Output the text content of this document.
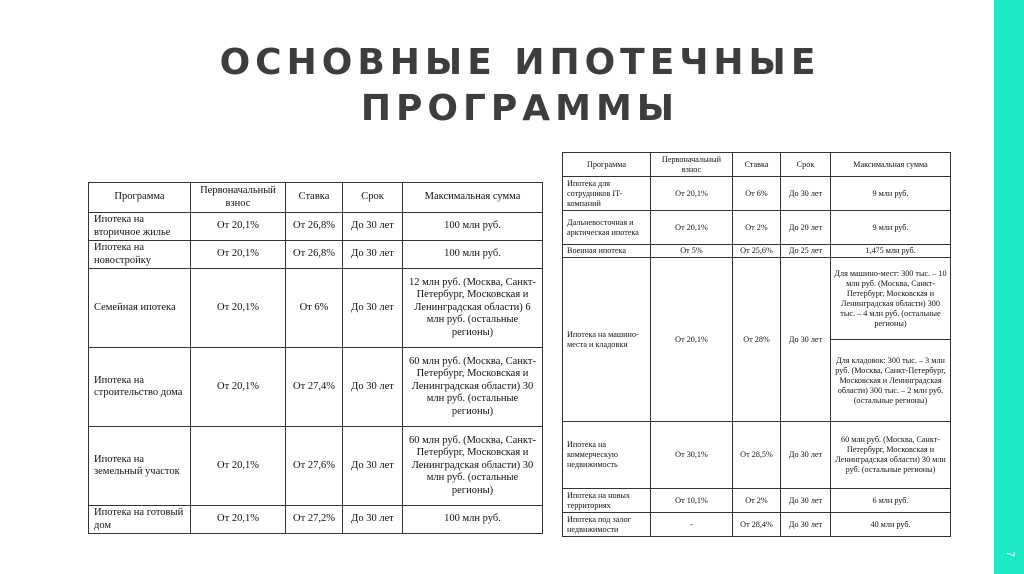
7
ОСНОВНЫЕ ИПОТЕЧНЫЕ
ПРОГРАММЫ
Программа	Первоначальный взнос	Ставка	Срок	Максимальная сумма
Ипотека на вторичное жилье	От 20,1%	От 26,8%	До 30 лет	100 млн руб.
Ипотека на новостройку	От 20,1%	От 26,8%	До 30 лет	100 млн руб.
Семейная ипотека	От 20,1%	От 6%	До 30 лет	12 млн руб. (Москва, Санкт-Петербург, Московская и Ленинградская области) 6 млн руб. (остальные регионы)
Ипотека на строительство дома	От 20,1%	От 27,4%	До 30 лет	60 млн руб. (Москва, Санкт-Петербург, Московская и Ленинградская области) 30 млн руб. (остальные регионы)
Ипотека на земельный участок	От 20,1%	От 27,6%	До 30 лет	60 млн руб. (Москва, Санкт-Петербург, Московская и Ленинградская области) 30 млн руб. (остальные регионы)
Ипотека на готовый дом	От 20,1%	От 27,2%	До 30 лет	100 млн руб.
Программа	Первоначальный взнос	Ставка	Срок	Максимальная сумма
Ипотека для сотрудников IT-компаний	От 20,1%	От 6%	До 30 лет	9 млн руб.
Дальневосточная и арктическая ипотека	От 20,1%	От 2%	До 20 лет	9 млн руб.
Военная ипотека	От 5%	От 25,6%	До 25 лет	1,475 млн руб.
Ипотека на машино-места и кладовки	От 20,1%	От 28%	До 30 лет	Для машино-мест: 300 тыс. – 10 млн руб. (Москва, Санкт-Петербург, Московская и Ленинградская области) 300 тыс. – 4 млн руб. (остальные регионы)
				Для кладовок: 300 тыс. – 3 млн руб. (Москва, Санкт-Петербург, Московская и Ленинградская области) 300 тыс. – 2 млн руб. (остальные регионы)
Ипотека на коммерческую недвижимость	От 30,1%	От 28,5%	До 30 лет	60 млн руб. (Москва, Санкт-Петербург, Московская и Ленинградская области) 30 млн руб. (остальные регионы)
Ипотека на новых территориях	От 10,1%	От 2%	До 30 лет	6 млн руб.
Ипотека под залог недвижимости	-	От 28,4%	До 30 лет	40 млн руб.
